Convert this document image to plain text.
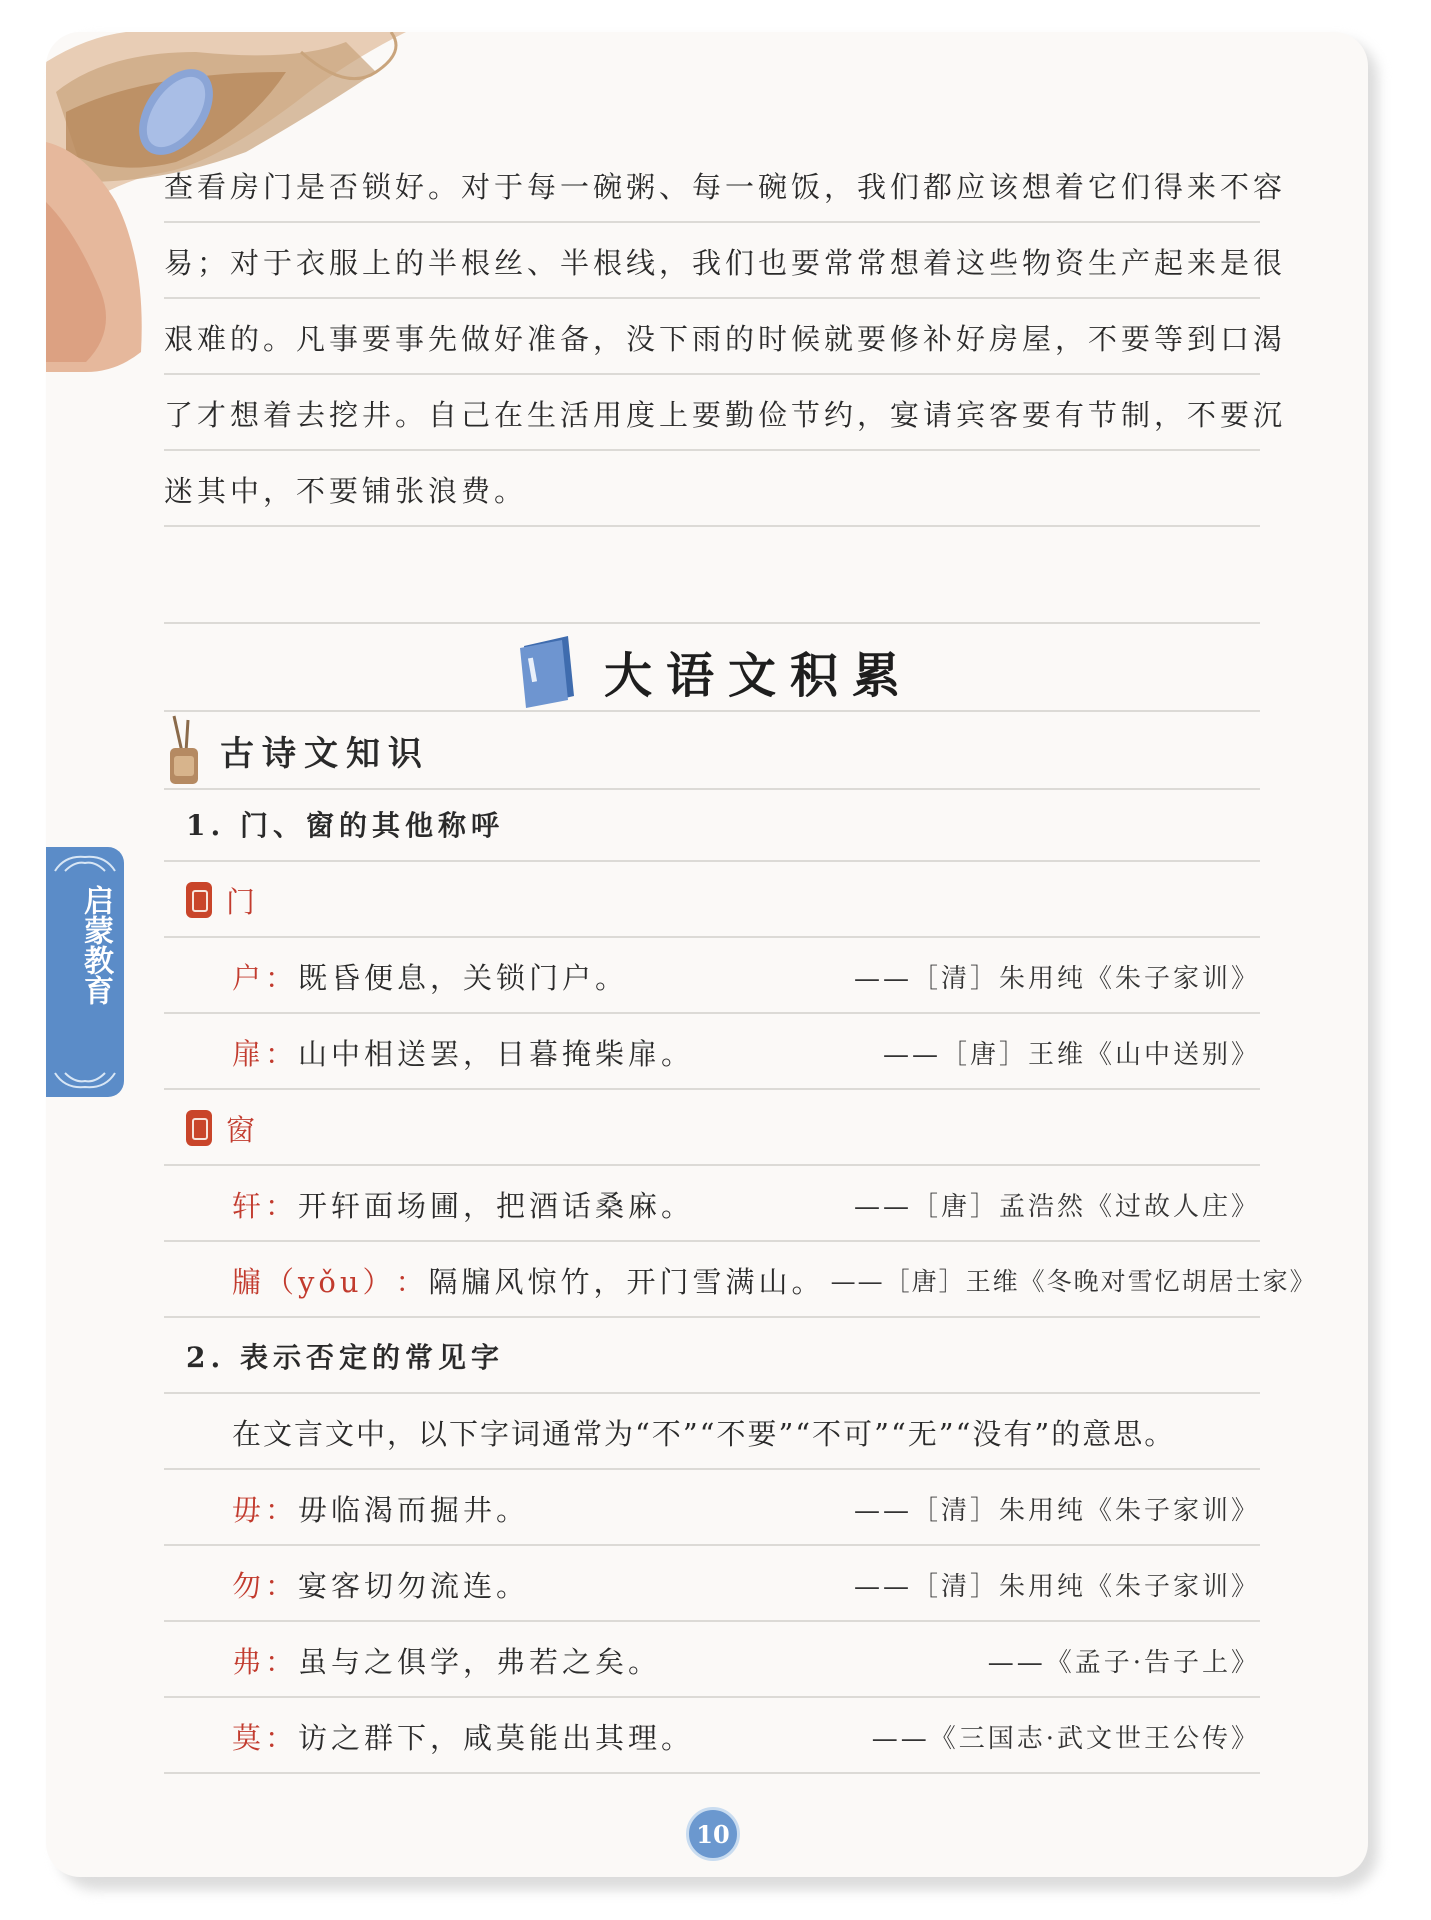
启蒙教育
查看房门是否锁好。对于每一碗粥、每一碗饭，我们都应该想着它们得来不容
易；对于衣服上的半根丝、半根线，我们也要常常想着这些物资生产起来是很
艰难的。凡事要事先做好准备，没下雨的时候就要修补好房屋，不要等到口渴
了才想着去挖井。自己在生活用度上要勤俭节约，宴请宾客要有节制，不要沉
迷其中，不要铺张浪费。
大语文积累
古诗文知识
1. 门、窗的其他称呼
门
户 ： 既昏便息，关锁门户。	——［清］朱用纯《朱子家训》
扉 ： 山中相送罢，日暮掩柴扉。	——［唐］王维《山中送别》
窗
轩 ： 开轩面场圃，把酒话桑麻。	——［唐］孟浩然《过故人庄》
牖（yǒu） ： 隔牖风惊竹，开门雪满山。 ——［唐］王维《冬晚对雪忆胡居士家》
2. 表示否定的常见字
在文言文中，以下字词通常为“不”“不要”“不可”“无”“没有”的意思。
毋 ： 毋临渴而掘井。	——［清］朱用纯《朱子家训》
勿 ： 宴客切勿流连。	——［清］朱用纯《朱子家训》
弗 ： 虽与之俱学，弗若之矣。	——《孟子·告子上》
莫 ： 访之群下，咸莫能出其理。	——《三国志·武文世王公传》
10
